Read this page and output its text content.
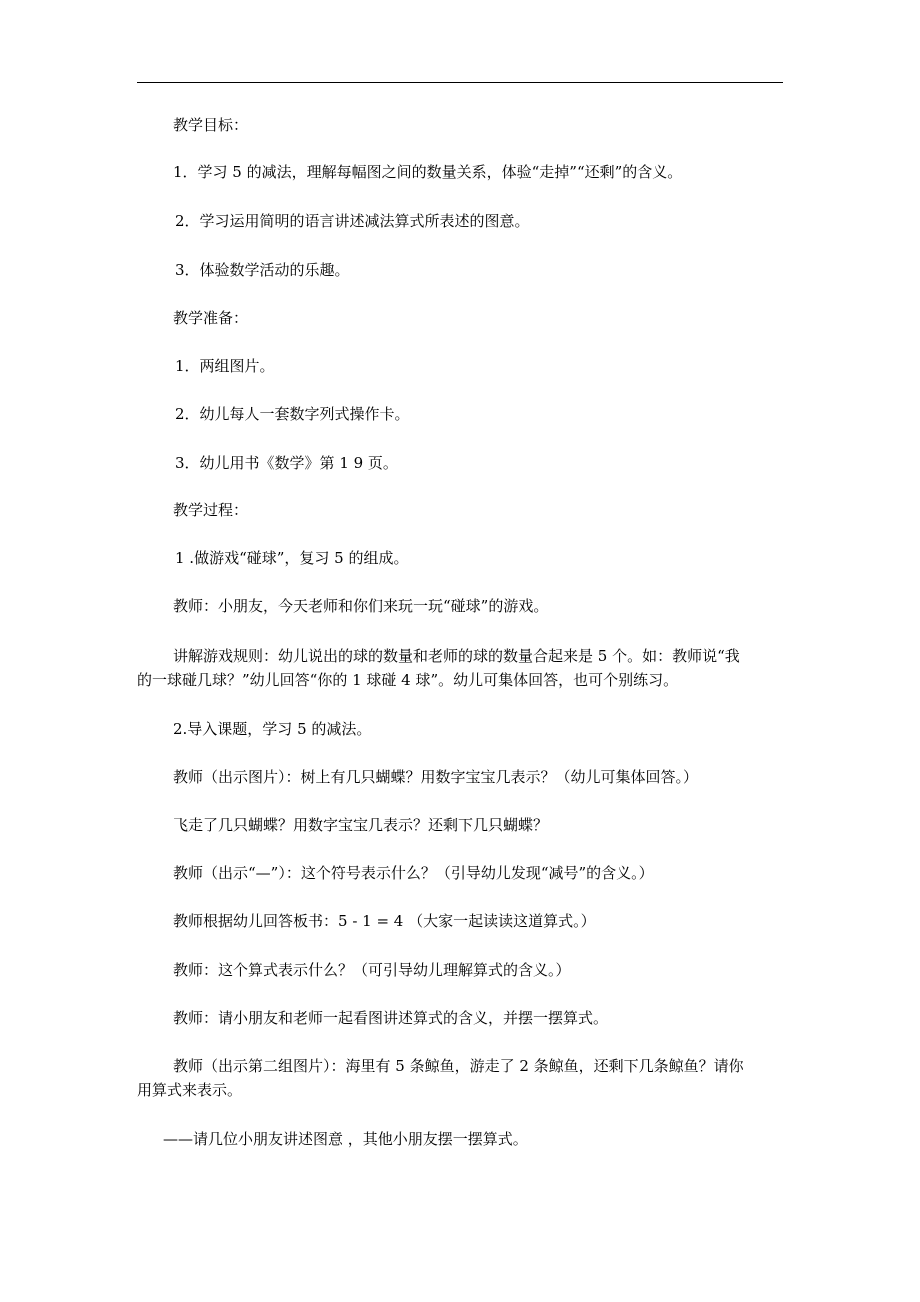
教学目标：
1．学习 5 的减法，理解每幅图之间的数量关系，体验“走掉”“还剩”的含义。
2．学习运用简明的语言讲述减法算式所表述的图意。
3．体验数学活动的乐趣。
教学准备：
1．两组图片。
2．幼儿每人一套数字列式操作卡。
3．幼儿用书《数学》第 1 9 页。
教学过程：
1 .做游戏“碰球”，复习 5 的组成。
教师：小朋友，今天老师和你们来玩一玩“碰球”的游戏。
讲解游戏规则：幼儿说出的球的数量和老师的球的数量合起来是 5 个。如：教师说“我
的一球碰几球？”幼儿回答“你的 1 球碰 4 球”。幼儿可集体回答，也可个别练习。
2.导入课题，学习 5 的减法。
教师（出示图片）：树上有几只蝴蝶？用数字宝宝几表示？（幼儿可集体回答。）
飞走了几只蝴蝶？用数字宝宝几表示？还剩下几只蝴蝶？
教师（出示“—”）：这个符号表示什么？（引导幼儿发现“减号”的含义。）
教师根据幼儿回答板书：5 - 1 = 4 （大家一起读读这道算式。）
教师：这个算式表示什么？（可引导幼儿理解算式的含义。）
教师：请小朋友和老师一起看图讲述算式的含义，并摆一摆算式。
教师（出示第二组图片）：海里有 5 条鲸鱼，游走了 2 条鲸鱼，还剩下几条鲸鱼？请你
用算式来表示。
——请几位小朋友讲述图意 ，其他小朋友摆一摆算式。
